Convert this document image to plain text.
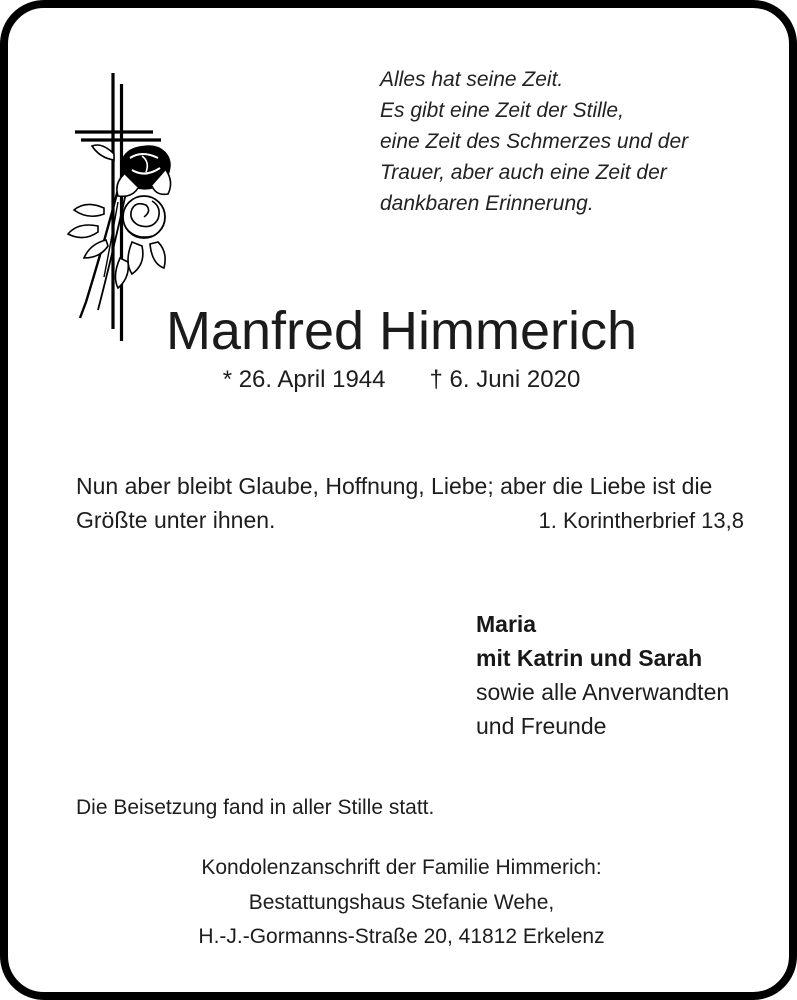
Alles hat seine Zeit.
Es gibt eine Zeit der Stille,
eine Zeit des Schmerzes und der
Trauer, aber auch eine Zeit der
dankbaren Erinnerung.
Manfred Himmerich
* 26. April 1944 † 6. Juni 2020
Nun aber bleibt Glaube, Hoffnung, Liebe; aber die Liebe ist die
Größte unter ihnen.	1. Korintherbrief 13,8
Maria
mit Katrin und Sarah
sowie alle Anverwandten
und Freunde
Die Beisetzung fand in aller Stille statt.
Kondolenzanschrift der Familie Himmerich:
Bestattungshaus Stefanie Wehe,
H.-J.-Gormanns-Straße 20, 41812 Erkelenz
